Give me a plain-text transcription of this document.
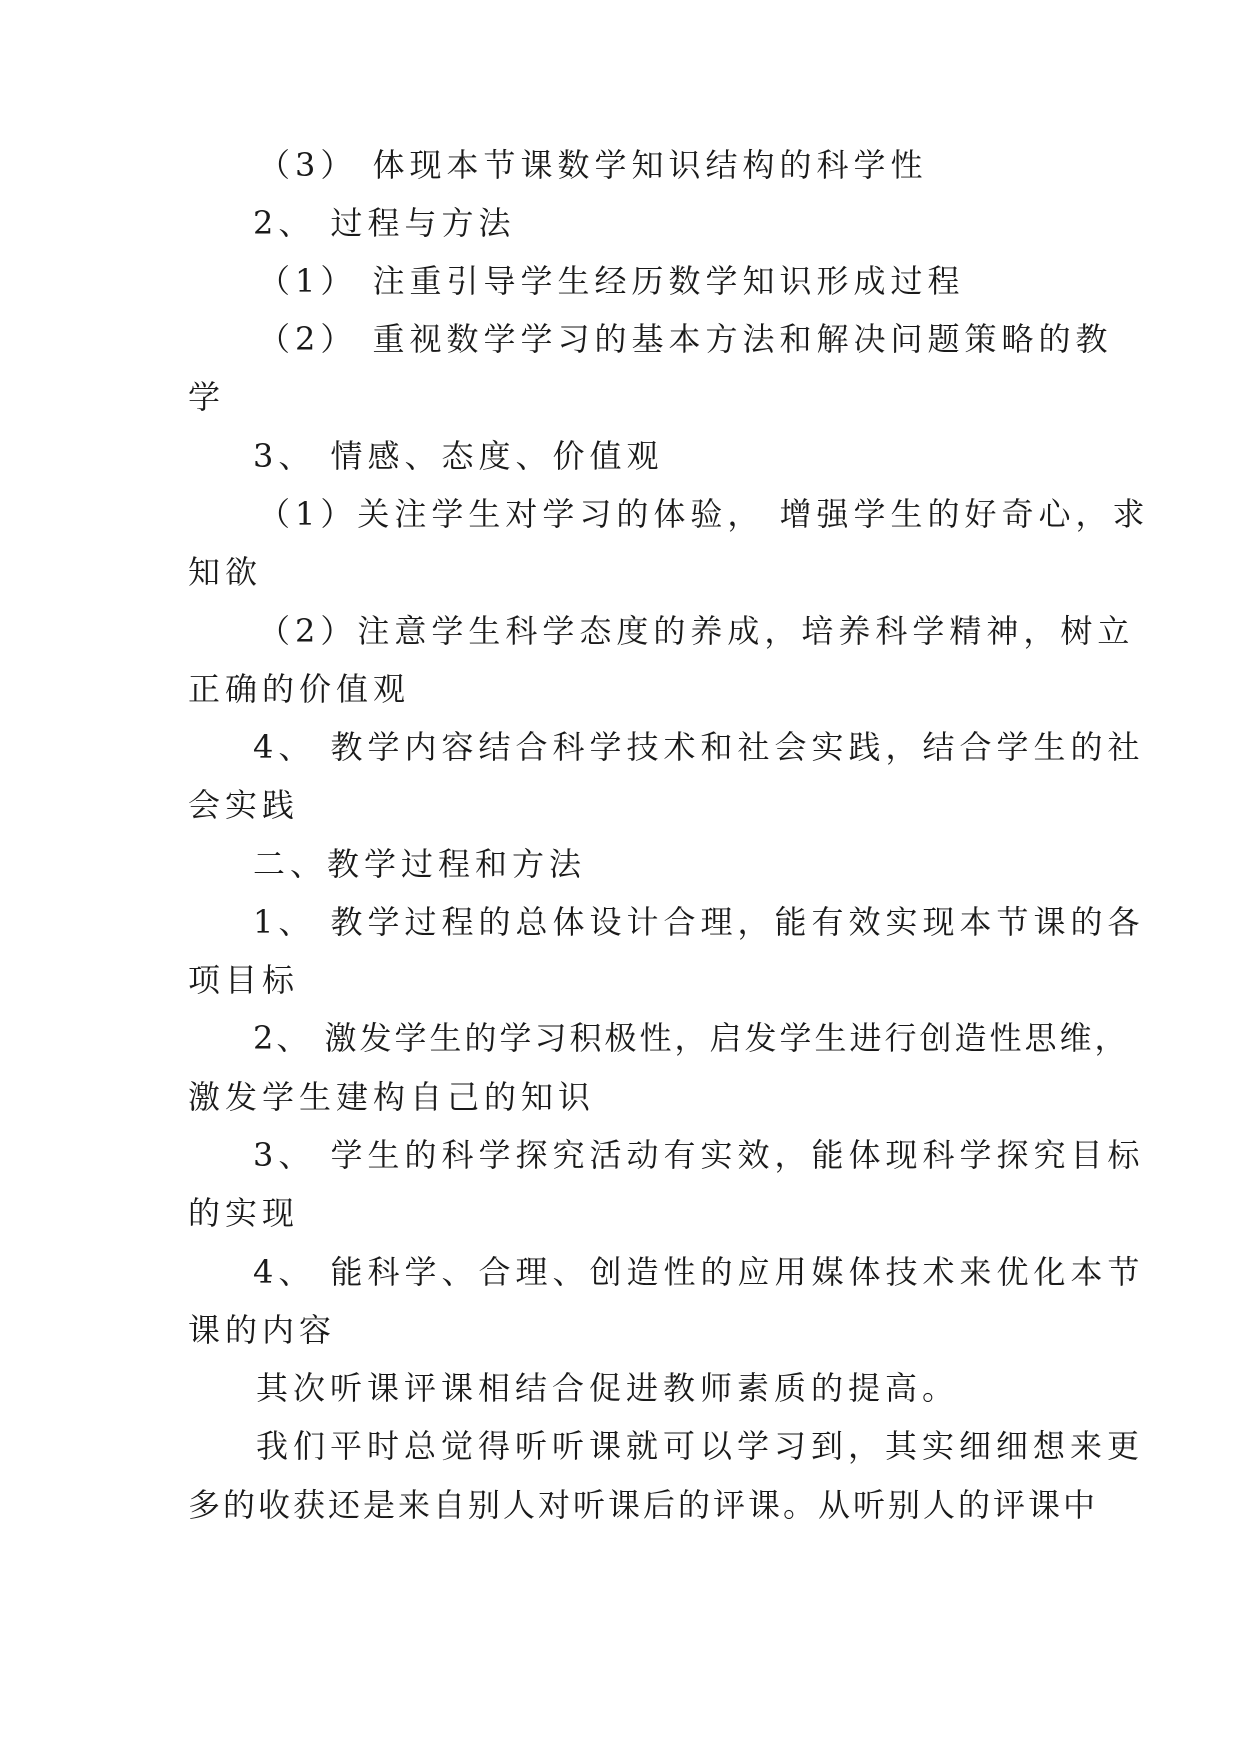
（3） 体现本节课数学知识结构的科学性
2、 过程与方法
（1） 注重引导学生经历数学知识形成过程
（2） 重视数学学习的基本方法和解决问题策略的教
学
3、 情感、态度、价值观
（1）关注学生对学习的体验， 增强学生的好奇心，求
知欲
（2）注意学生科学态度的养成，培养科学精神，树立
正确的价值观
4、 教学内容结合科学技术和社会实践，结合学生的社
会实践
二、教学过程和方法
1、 教学过程的总体设计合理，能有效实现本节课的各
项目标
2、 激发学生的学习积极性，启发学生进行创造性思维，
激发学生建构自己的知识
3、 学生的科学探究活动有实效，能体现科学探究目标
的实现
4、 能科学、合理、创造性的应用媒体技术来优化本节
课的内容
其次听课评课相结合促进教师素质的提高。
我们平时总觉得听听课就可以学习到，其实细细想来更
多的收获还是来自别人对听课后的评课。从听别人的评课中
